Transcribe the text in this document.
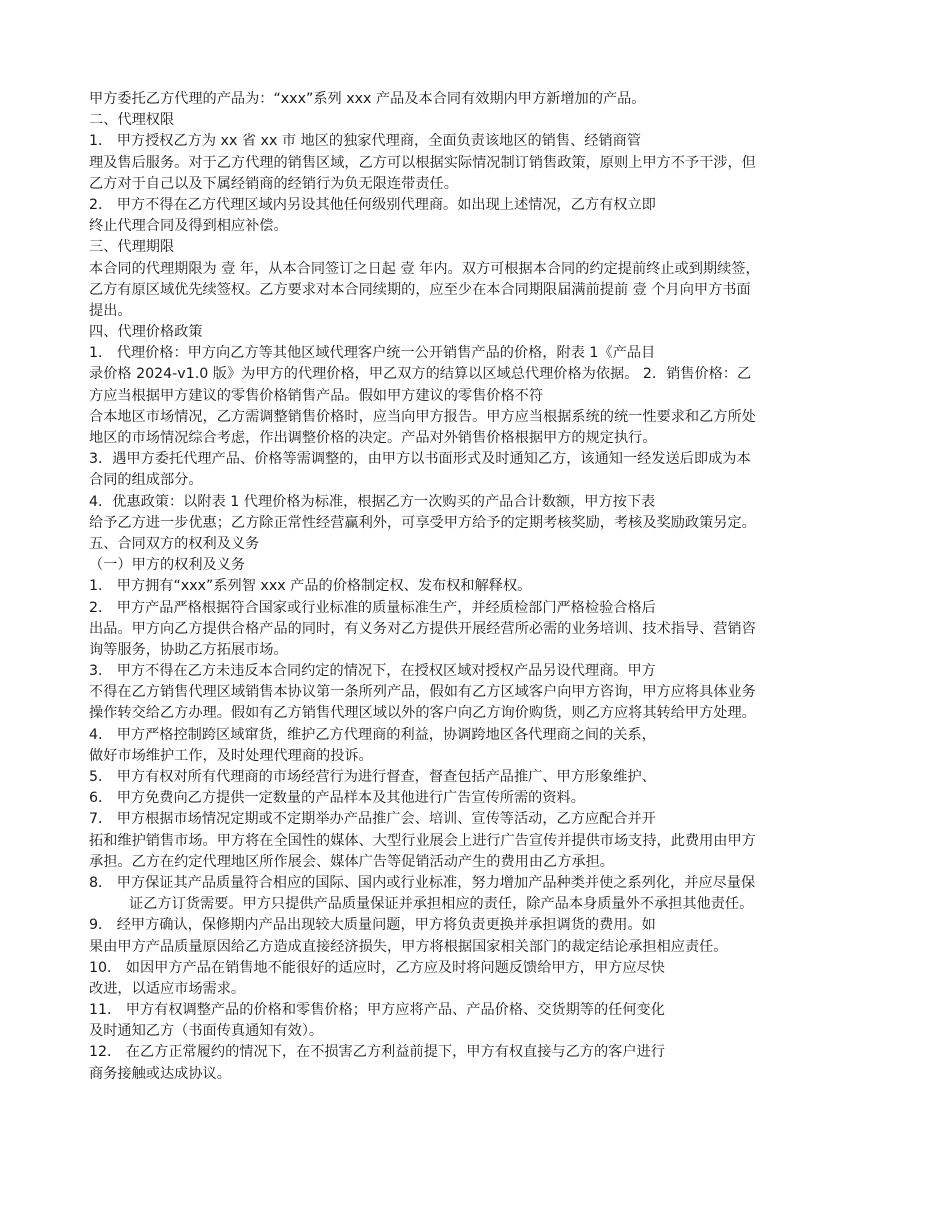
甲方委托乙方代理的产品为：“xxx”系列 xxx 产品及本合同有效期内甲方新增加的产品。
二、代理权限
1． 甲方授权乙方为 xx 省 xx 市 地区的独家代理商，全面负责该地区的销售、经销商管
理及售后服务。对于乙方代理的销售区域，乙方可以根据实际情况制订销售政策，原则上甲方不予干涉，但
乙方对于自己以及下属经销商的经销行为负无限连带责任。
2． 甲方不得在乙方代理区域内另设其他任何级别代理商。如出现上述情况，乙方有权立即
终止代理合同及得到相应补偿。
三、代理期限
本合同的代理期限为 壹 年，从本合同签订之日起 壹 年内。双方可根据本合同的约定提前终止或到期续签，
乙方有原区域优先续签权。乙方要求对本合同续期的，应至少在本合同期限届满前提前 壹 个月向甲方书面
提出。
四、代理价格政策
1． 代理价格：甲方向乙方等其他区域代理客户统一公开销售产品的价格，附表 1《产品目
录价格 2024-v1.0 版》为甲方的代理价格，甲乙双方的结算以区域总代理价格为依据。 2．销售价格：乙
方应当根据甲方建议的零售价格销售产品。假如甲方建议的零售价格不符
合本地区市场情况，乙方需调整销售价格时，应当向甲方报告。甲方应当根据系统的统一性要求和乙方所处
地区的市场情况综合考虑，作出调整价格的决定。产品对外销售价格根据甲方的规定执行。
3．遇甲方委托代理产品、价格等需调整的，由甲方以书面形式及时通知乙方，该通知一经发送后即成为本
合同的组成部分。
4．优惠政策：以附表 1 代理价格为标准，根据乙方一次购买的产品合计数额，甲方按下表
给予乙方进一步优惠；乙方除正常性经营赢利外，可享受甲方给予的定期考核奖励，考核及奖励政策另定。
五、合同双方的权利及义务
（一）甲方的权利及义务
1． 甲方拥有“xxx”系列智 xxx 产品的价格制定权、发布权和解释权。
2． 甲方产品严格根据符合国家或行业标准的质量标准生产，并经质检部门严格检验合格后
出品。甲方向乙方提供合格产品的同时，有义务对乙方提供开展经营所必需的业务培训、技术指导、营销咨
询等服务，协助乙方拓展市场。
3． 甲方不得在乙方未违反本合同约定的情况下，在授权区域对授权产品另设代理商。甲方
不得在乙方销售代理区域销售本协议第一条所列产品，假如有乙方区域客户向甲方咨询，甲方应将具体业务
操作转交给乙方办理。假如有乙方销售代理区域以外的客户向乙方询价购货，则乙方应将其转给甲方处理。
4． 甲方严格控制跨区域窜货，维护乙方代理商的利益，协调跨地区各代理商之间的关系，
做好市场维护工作，及时处理代理商的投诉。
5． 甲方有权对所有代理商的市场经营行为进行督查，督查包括产品推广、甲方形象维护、
6． 甲方免费向乙方提供一定数量的产品样本及其他进行广告宣传所需的资料。
7． 甲方根据市场情况定期或不定期举办产品推广会、培训、宣传等活动，乙方应配合并开
拓和维护销售市场。甲方将在全国性的媒体、大型行业展会上进行广告宣传并提供市场支持，此费用由甲方
承担。乙方在约定代理地区所作展会、媒体广告等促销活动产生的费用由乙方承担。
8． 甲方保证其产品质量符合相应的国际、国内或行业标准，努力增加产品种类并使之系列化，并应尽量保
证乙方订货需要。甲方只提供产品质量保证并承担相应的责任，除产品本身质量外不承担其他责任。
9． 经甲方确认，保修期内产品出现较大质量问题，甲方将负责更换并承担调货的费用。如
果由甲方产品质量原因给乙方造成直接经济损失，甲方将根据国家相关部门的裁定结论承担相应责任。
10． 如因甲方产品在销售地不能很好的适应时，乙方应及时将问题反馈给甲方，甲方应尽快
改进，以适应市场需求。
11． 甲方有权调整产品的价格和零售价格；甲方应将产品、产品价格、交货期等的任何变化
及时通知乙方（书面传真通知有效）。
12． 在乙方正常履约的情况下，在不损害乙方利益前提下，甲方有权直接与乙方的客户进行
商务接触或达成协议。
